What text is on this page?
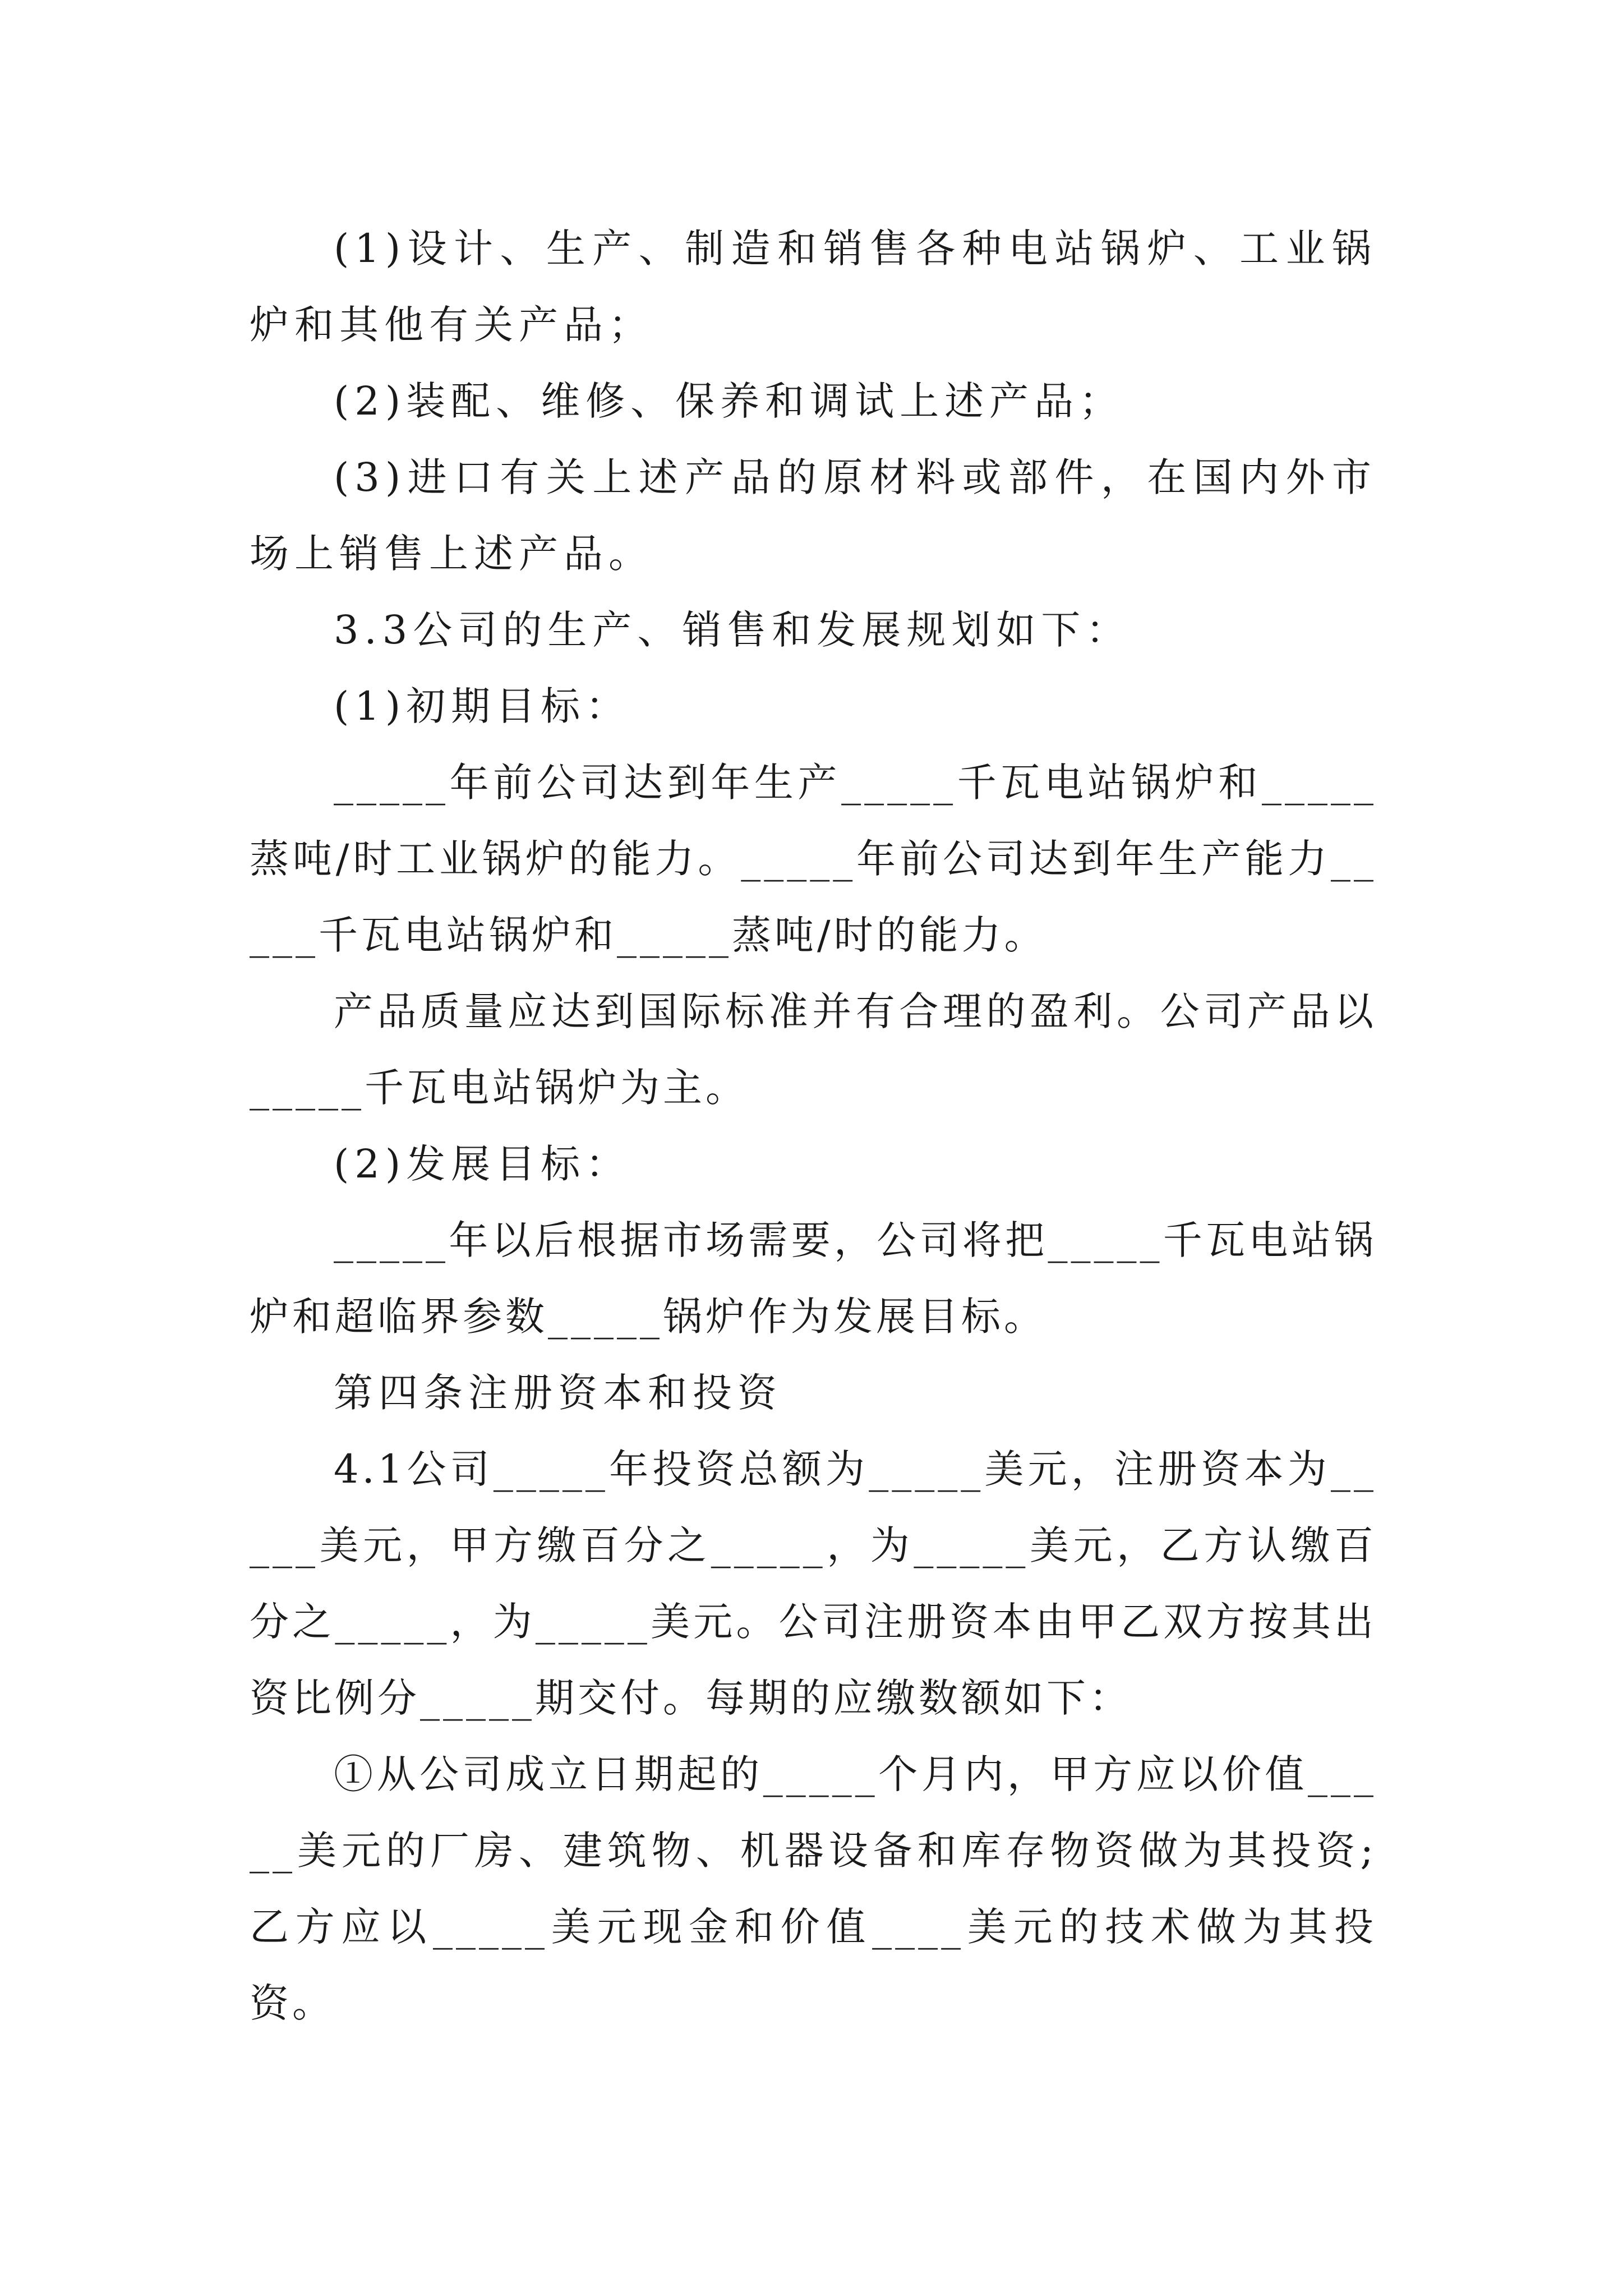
(1)设计、生产、制造和销售各种电站锅炉、工业锅炉和其他有关产品；

(2)装配、维修、保养和调试上述产品；

(3)进口有关上述产品的原材料或部件，在国内外市场上销售上述产品。

3.3公司的生产、销售和发展规划如下：

(1)初期目标：

_____年前公司达到年生产_____千瓦电站锅炉和_____蒸吨/时工业锅炉的能力。_____年前公司达到年生产能力_____千瓦电站锅炉和_____蒸吨/时的能力。

产品质量应达到国际标准并有合理的盈利。公司产品以_____千瓦电站锅炉为主。

(2)发展目标：

_____年以后根据市场需要，公司将把_____千瓦电站锅炉和超临界参数_____锅炉作为发展目标。

第四条注册资本和投资

4.1公司_____年投资总额为_____美元，注册资本为_____美元，甲方缴百分之_____，为_____美元，乙方认缴百分之_____，为_____美元。公司注册资本由甲乙双方按其出资比例分_____期交付。每期的应缴数额如下：

①从公司成立日期起的_____个月内，甲方应以价值_____美元的厂房、建筑物、机器设备和库存物资做为其投资;乙方应以_____美元现金和价值____美元的技术做为其投资。
